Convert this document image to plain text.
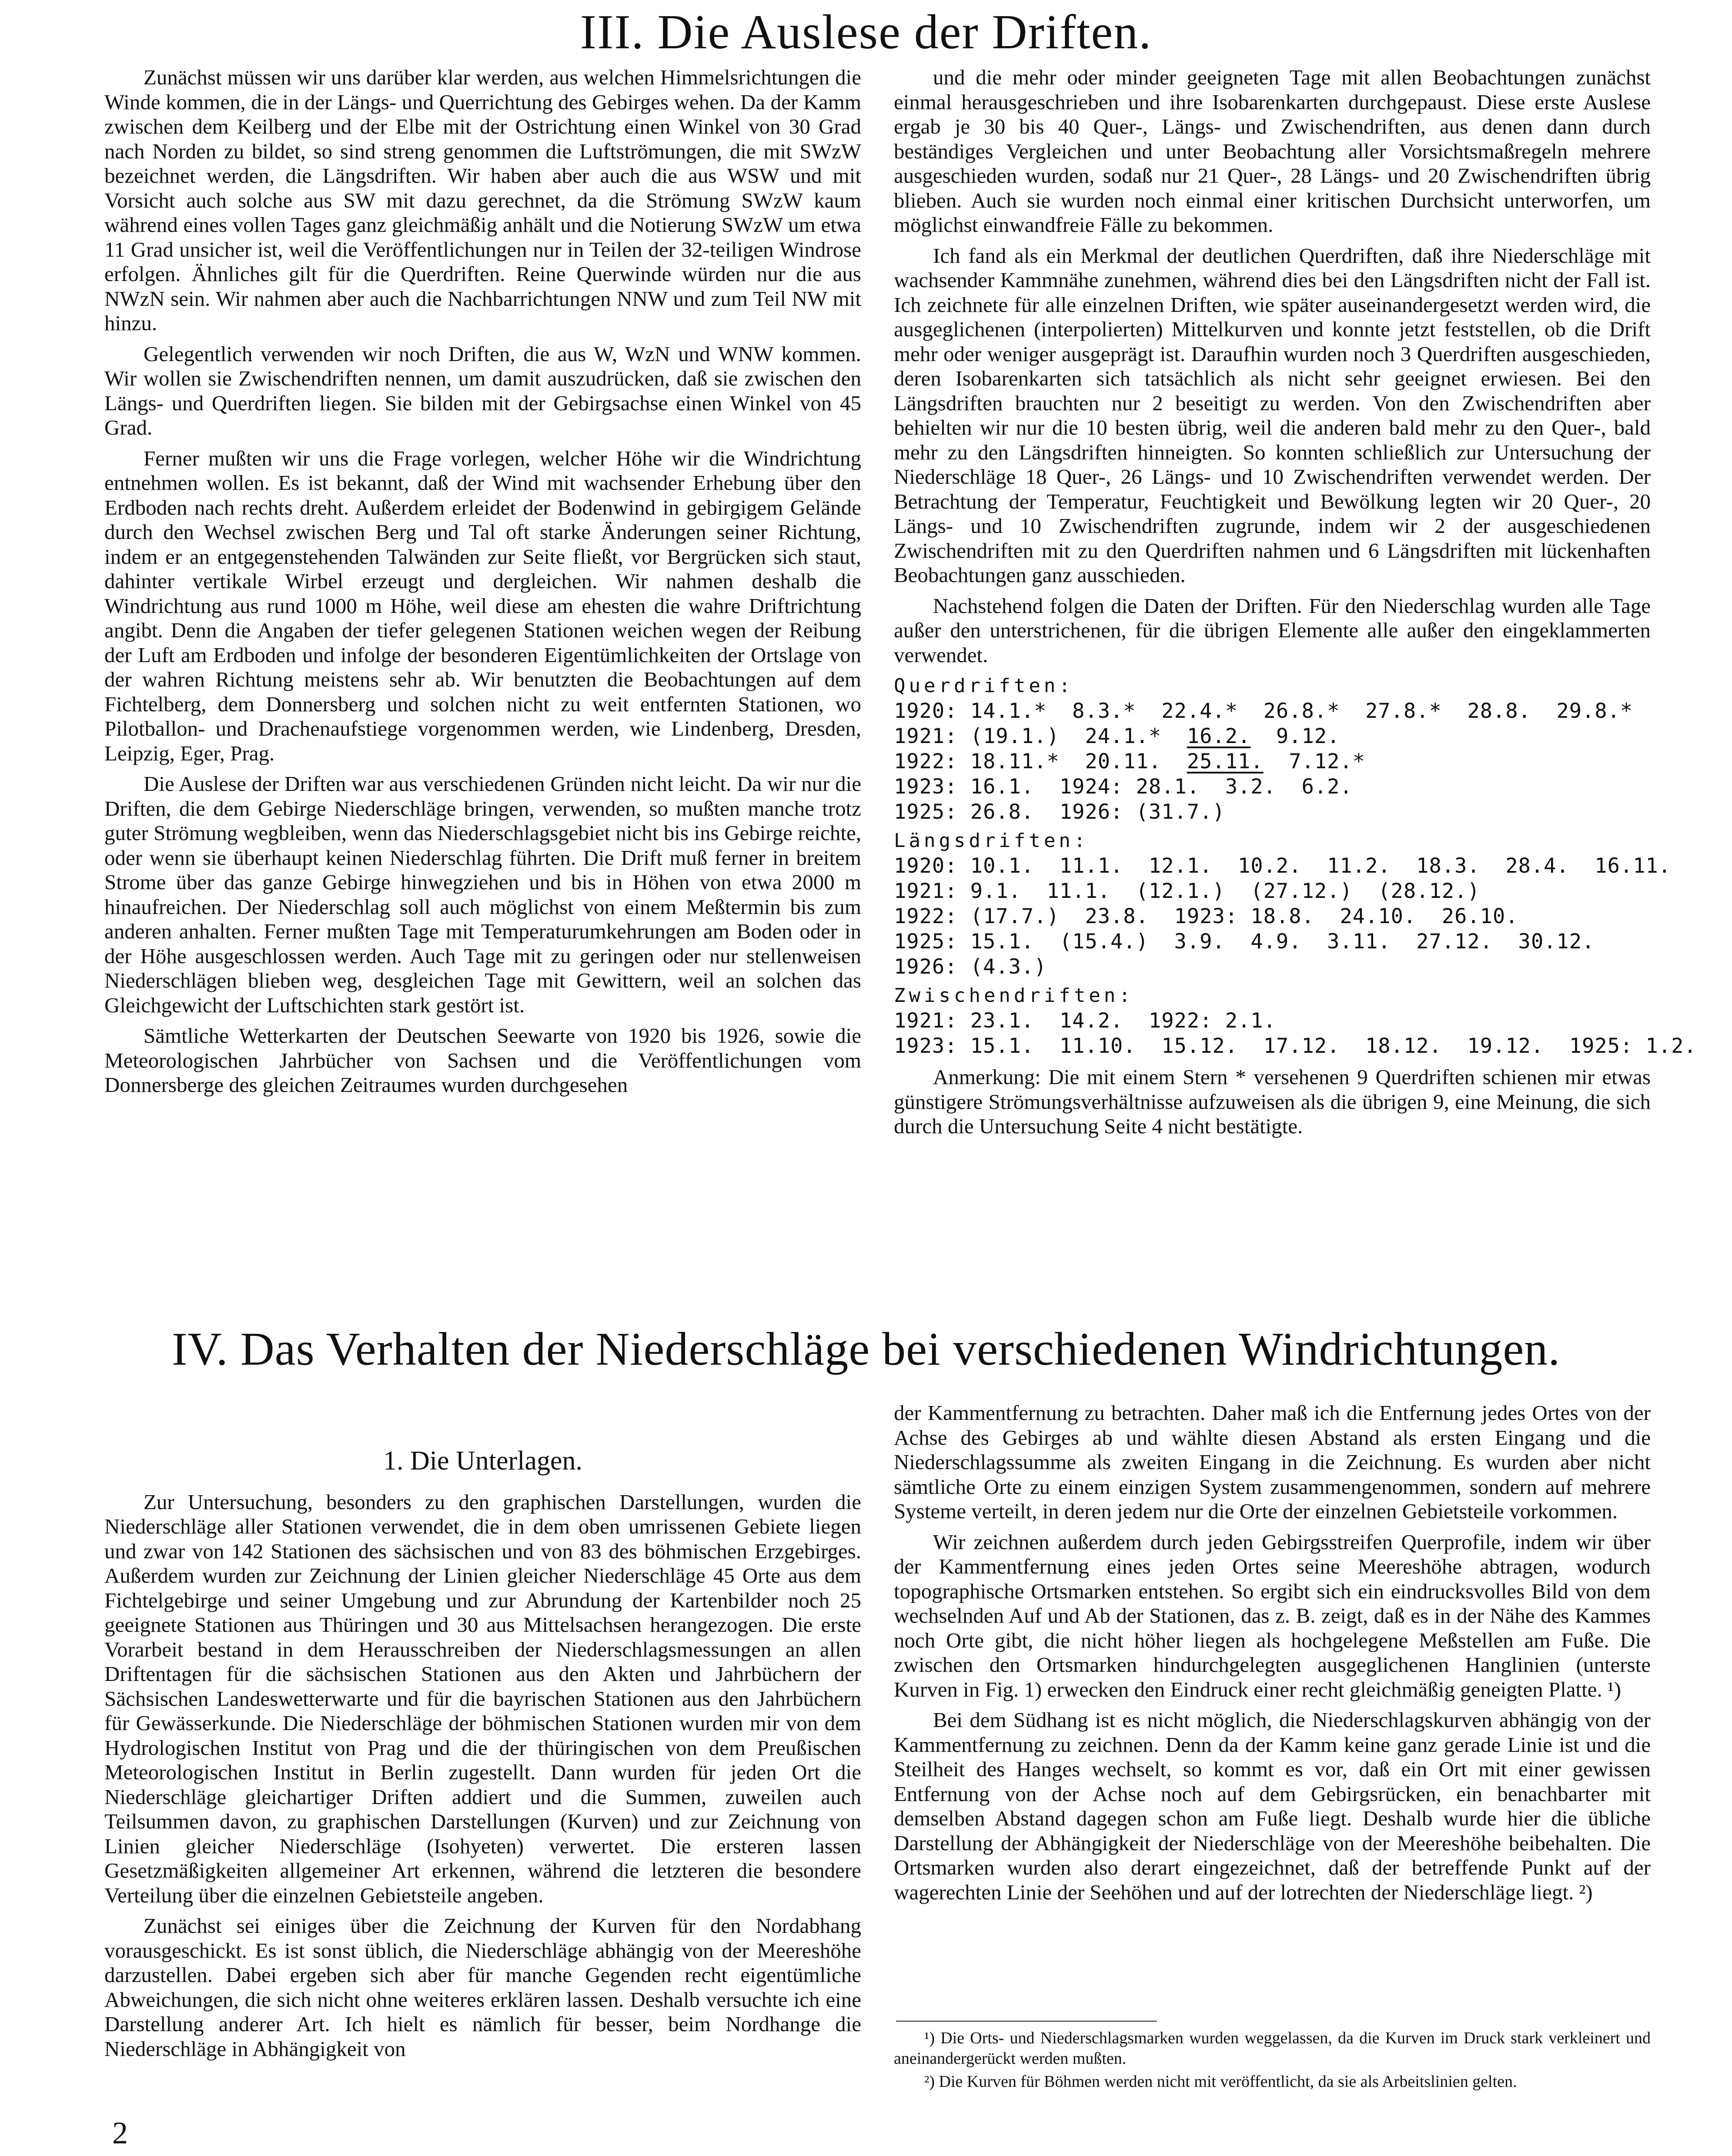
III. Die Auslese der Driften.

Zunächst müssen wir uns darüber klar werden, aus welchen Himmelsrichtungen die Winde kommen, die in der Längs- und Querrichtung des Gebirges wehen. Da der Kamm zwischen dem Keilberg und der Elbe mit der Ostrichtung einen Winkel von 30 Grad nach Norden zu bildet, so sind streng genommen die Luftströmungen, die mit SWzW bezeichnet werden, die Längsdriften. Wir haben aber auch die aus WSW und mit Vorsicht auch solche aus SW mit dazu gerechnet, da die Strömung SWzW kaum während eines vollen Tages ganz gleichmäßig anhält und die Notierung SWzW um etwa 11 Grad unsicher ist, weil die Veröffentlichungen nur in Teilen der 32-teiligen Windrose erfolgen. Ähnliches gilt für die Querdriften. Reine Querwinde würden nur die aus NWzN sein. Wir nahmen aber auch die Nachbarrichtungen NNW und zum Teil NW mit hinzu.

Gelegentlich verwenden wir noch Driften, die aus W, WzN und WNW kommen. Wir wollen sie Zwischendriften nennen, um damit auszudrücken, daß sie zwischen den Längs- und Querdriften liegen. Sie bilden mit der Gebirgsachse einen Winkel von 45 Grad.

Ferner mußten wir uns die Frage vorlegen, welcher Höhe wir die Windrichtung entnehmen wollen. Es ist bekannt, daß der Wind mit wachsender Erhebung über den Erdboden nach rechts dreht. Außerdem erleidet der Bodenwind in gebirgigem Gelände durch den Wechsel zwischen Berg und Tal oft starke Änderungen seiner Richtung, indem er an entgegenstehenden Talwänden zur Seite fließt, vor Bergrücken sich staut, dahinter vertikale Wirbel erzeugt und dergleichen. Wir nahmen deshalb die Windrichtung aus rund 1000 m Höhe, weil diese am ehesten die wahre Driftrichtung angibt. Denn die Angaben der tiefer gelegenen Stationen weichen wegen der Reibung der Luft am Erdboden und infolge der besonderen Eigentümlichkeiten der Ortslage von der wahren Richtung meistens sehr ab. Wir benutzten die Beobachtungen auf dem Fichtelberg, dem Donnersberg und solchen nicht zu weit entfernten Stationen, wo Pilotballon- und Drachenaufstiege vorgenommen werden, wie Lindenberg, Dresden, Leipzig, Eger, Prag.

Die Auslese der Driften war aus verschiedenen Gründen nicht leicht. Da wir nur die Driften, die dem Gebirge Niederschläge bringen, verwenden, so mußten manche trotz guter Strömung wegbleiben, wenn das Niederschlagsgebiet nicht bis ins Gebirge reichte, oder wenn sie überhaupt keinen Niederschlag führten. Die Drift muß ferner in breitem Strome über das ganze Gebirge hinwegziehen und bis in Höhen von etwa 2000 m hinaufreichen. Der Niederschlag soll auch möglichst von einem Meßtermin bis zum anderen anhalten. Ferner mußten Tage mit Temperaturumkehrungen am Boden oder in der Höhe ausgeschlossen werden. Auch Tage mit zu geringen oder nur stellenweisen Niederschlägen blieben weg, desgleichen Tage mit Gewittern, weil an solchen das Gleichgewicht der Luftschichten stark gestört ist.

Sämtliche Wetterkarten der Deutschen Seewarte von 1920 bis 1926, sowie die Meteorologischen Jahrbücher von Sachsen und die Veröffentlichungen vom Donnersberge des gleichen Zeitraumes wurden durchgesehen

und die mehr oder minder geeigneten Tage mit allen Beobachtungen zunächst einmal herausgeschrieben und ihre Isobarenkarten durchgepaust. Diese erste Auslese ergab je 30 bis 40 Quer-, Längs- und Zwischendriften, aus denen dann durch beständiges Vergleichen und unter Beobachtung aller Vorsichtsmaßregeln mehrere ausgeschieden wurden, sodaß nur 21 Quer-, 28 Längs- und 20 Zwischendriften übrig blieben. Auch sie wurden noch einmal einer kritischen Durchsicht unterworfen, um möglichst einwandfreie Fälle zu bekommen.

Ich fand als ein Merkmal der deutlichen Querdriften, daß ihre Niederschläge mit wachsender Kammnähe zunehmen, während dies bei den Längsdriften nicht der Fall ist. Ich zeichnete für alle einzelnen Driften, wie später auseinandergesetzt werden wird, die ausgeglichenen (interpolierten) Mittelkurven und konnte jetzt feststellen, ob die Drift mehr oder weniger ausgeprägt ist. Daraufhin wurden noch 3 Querdriften ausgeschieden, deren Isobarenkarten sich tatsächlich als nicht sehr geeignet erwiesen. Bei den Längsdriften brauchten nur 2 beseitigt zu werden. Von den Zwischendriften aber behielten wir nur die 10 besten übrig, weil die anderen bald mehr zu den Quer-, bald mehr zu den Längsdriften hinneigten. So konnten schließlich zur Untersuchung der Niederschläge 18 Quer-, 26 Längs- und 10 Zwischendriften verwendet werden. Der Betrachtung der Temperatur, Feuchtigkeit und Bewölkung legten wir 20 Quer-, 20 Längs- und 10 Zwischendriften zugrunde, indem wir 2 der ausgeschiedenen Zwischendriften mit zu den Querdriften nahmen und 6 Längsdriften mit lückenhaften Beobachtungen ganz ausschieden.

Nachstehend folgen die Daten der Driften. Für den Niederschlag wurden alle Tage außer den unterstrichenen, für die übrigen Elemente alle außer den eingeklammerten verwendet.

Querdriften:
1920: 14.1.*  8.3.*  22.4.*  26.8.*  27.8.*  28.8.  29.8.*
1921: (19.1.)  24.1.*  16.2.  9.12.
1922: 18.11.*  20.11.  25.11.  7.12.*
1923: 16.1.  1924: 28.1.  3.2.  6.2.
1925: 26.8.  1926: (31.7.)
Längsdriften:
1920: 10.1.  11.1.  12.1.  10.2.  11.2.  18.3.  28.4.  16.11.
1921: 9.1.  11.1.  (12.1.)  (27.12.)  (28.12.)
1922: (17.7.)  23.8.  1923: 18.8.  24.10.  26.10.
1925: 15.1.  (15.4.)  3.9.  4.9.  3.11.  27.12.  30.12.
1926: (4.3.)
Zwischendriften:
1921: 23.1.  14.2.  1922: 2.1.
1923: 15.1.  11.10.  15.12.  17.12.  18.12.  19.12.  1925: 1.2.

Anmerkung: Die mit einem Stern * versehenen 9 Querdriften schienen mir etwas günstigere Strömungsverhältnisse aufzuweisen als die übrigen 9, eine Meinung, die sich durch die Untersuchung Seite 4 nicht bestätigte.

IV. Das Verhalten der Niederschläge bei verschiedenen Windrichtungen.
1. Die Unterlagen.

Zur Untersuchung, besonders zu den graphischen Darstellungen, wurden die Niederschläge aller Stationen verwendet, die in dem oben umrissenen Gebiete liegen und zwar von 142 Stationen des sächsischen und von 83 des böhmischen Erzgebirges. Außerdem wurden zur Zeichnung der Linien gleicher Niederschläge 45 Orte aus dem Fichtelgebirge und seiner Umgebung und zur Abrundung der Kartenbilder noch 25 geeignete Stationen aus Thüringen und 30 aus Mittelsachsen herangezogen. Die erste Vorarbeit bestand in dem Herausschreiben der Niederschlagsmessungen an allen Driftentagen für die sächsischen Stationen aus den Akten und Jahrbüchern der Sächsischen Landeswetterwarte und für die bayrischen Stationen aus den Jahrbüchern für Gewässerkunde. Die Niederschläge der böhmischen Stationen wurden mir von dem Hydrologischen Institut von Prag und die der thüringischen von dem Preußischen Meteorologischen Institut in Berlin zugestellt. Dann wurden für jeden Ort die Niederschläge gleichartiger Driften addiert und die Summen, zuweilen auch Teilsummen davon, zu graphischen Darstellungen (Kurven) und zur Zeichnung von Linien gleicher Niederschläge (Isohyeten) verwertet. Die ersteren lassen Gesetzmäßigkeiten allgemeiner Art erkennen, während die letzteren die besondere Verteilung über die einzelnen Gebietsteile angeben.

Zunächst sei einiges über die Zeichnung der Kurven für den Nordabhang vorausgeschickt. Es ist sonst üblich, die Niederschläge abhängig von der Meereshöhe darzustellen. Dabei ergeben sich aber für manche Gegenden recht eigentümliche Abweichungen, die sich nicht ohne weiteres erklären lassen. Deshalb versuchte ich eine Darstellung anderer Art. Ich hielt es nämlich für besser, beim Nordhange die Niederschläge in Abhängigkeit von

der Kammentfernung zu betrachten. Daher maß ich die Entfernung jedes Ortes von der Achse des Gebirges ab und wählte diesen Abstand als ersten Eingang und die Niederschlagssumme als zweiten Eingang in die Zeichnung. Es wurden aber nicht sämtliche Orte zu einem einzigen System zusammengenommen, sondern auf mehrere Systeme verteilt, in deren jedem nur die Orte der einzelnen Gebietsteile vorkommen.

Wir zeichnen außerdem durch jeden Gebirgsstreifen Querprofile, indem wir über der Kammentfernung eines jeden Ortes seine Meereshöhe abtragen, wodurch topographische Ortsmarken entstehen. So ergibt sich ein eindrucksvolles Bild von dem wechselnden Auf und Ab der Stationen, das z. B. zeigt, daß es in der Nähe des Kammes noch Orte gibt, die nicht höher liegen als hochgelegene Meßstellen am Fuße. Die zwischen den Ortsmarken hindurchgelegten ausgeglichenen Hanglinien (unterste Kurven in Fig. 1) erwecken den Eindruck einer recht gleichmäßig geneigten Platte. ¹)

Bei dem Südhang ist es nicht möglich, die Niederschlagskurven abhängig von der Kammentfernung zu zeichnen. Denn da der Kamm keine ganz gerade Linie ist und die Steilheit des Hanges wechselt, so kommt es vor, daß ein Ort mit einer gewissen Entfernung von der Achse noch auf dem Gebirgsrücken, ein benachbarter mit demselben Abstand dagegen schon am Fuße liegt. Deshalb wurde hier die übliche Darstellung der Abhängigkeit der Niederschläge von der Meereshöhe beibehalten. Die Ortsmarken wurden also derart eingezeichnet, daß der betreffende Punkt auf der wagerechten Linie der Seehöhen und auf der lotrechten der Niederschläge liegt. ²)

¹) Die Orts- und Niederschlagsmarken wurden weggelassen, da die Kurven im Druck stark verkleinert und aneinandergerückt werden mußten.

²) Die Kurven für Böhmen werden nicht mit veröffentlicht, da sie als Arbeitslinien gelten.

2
